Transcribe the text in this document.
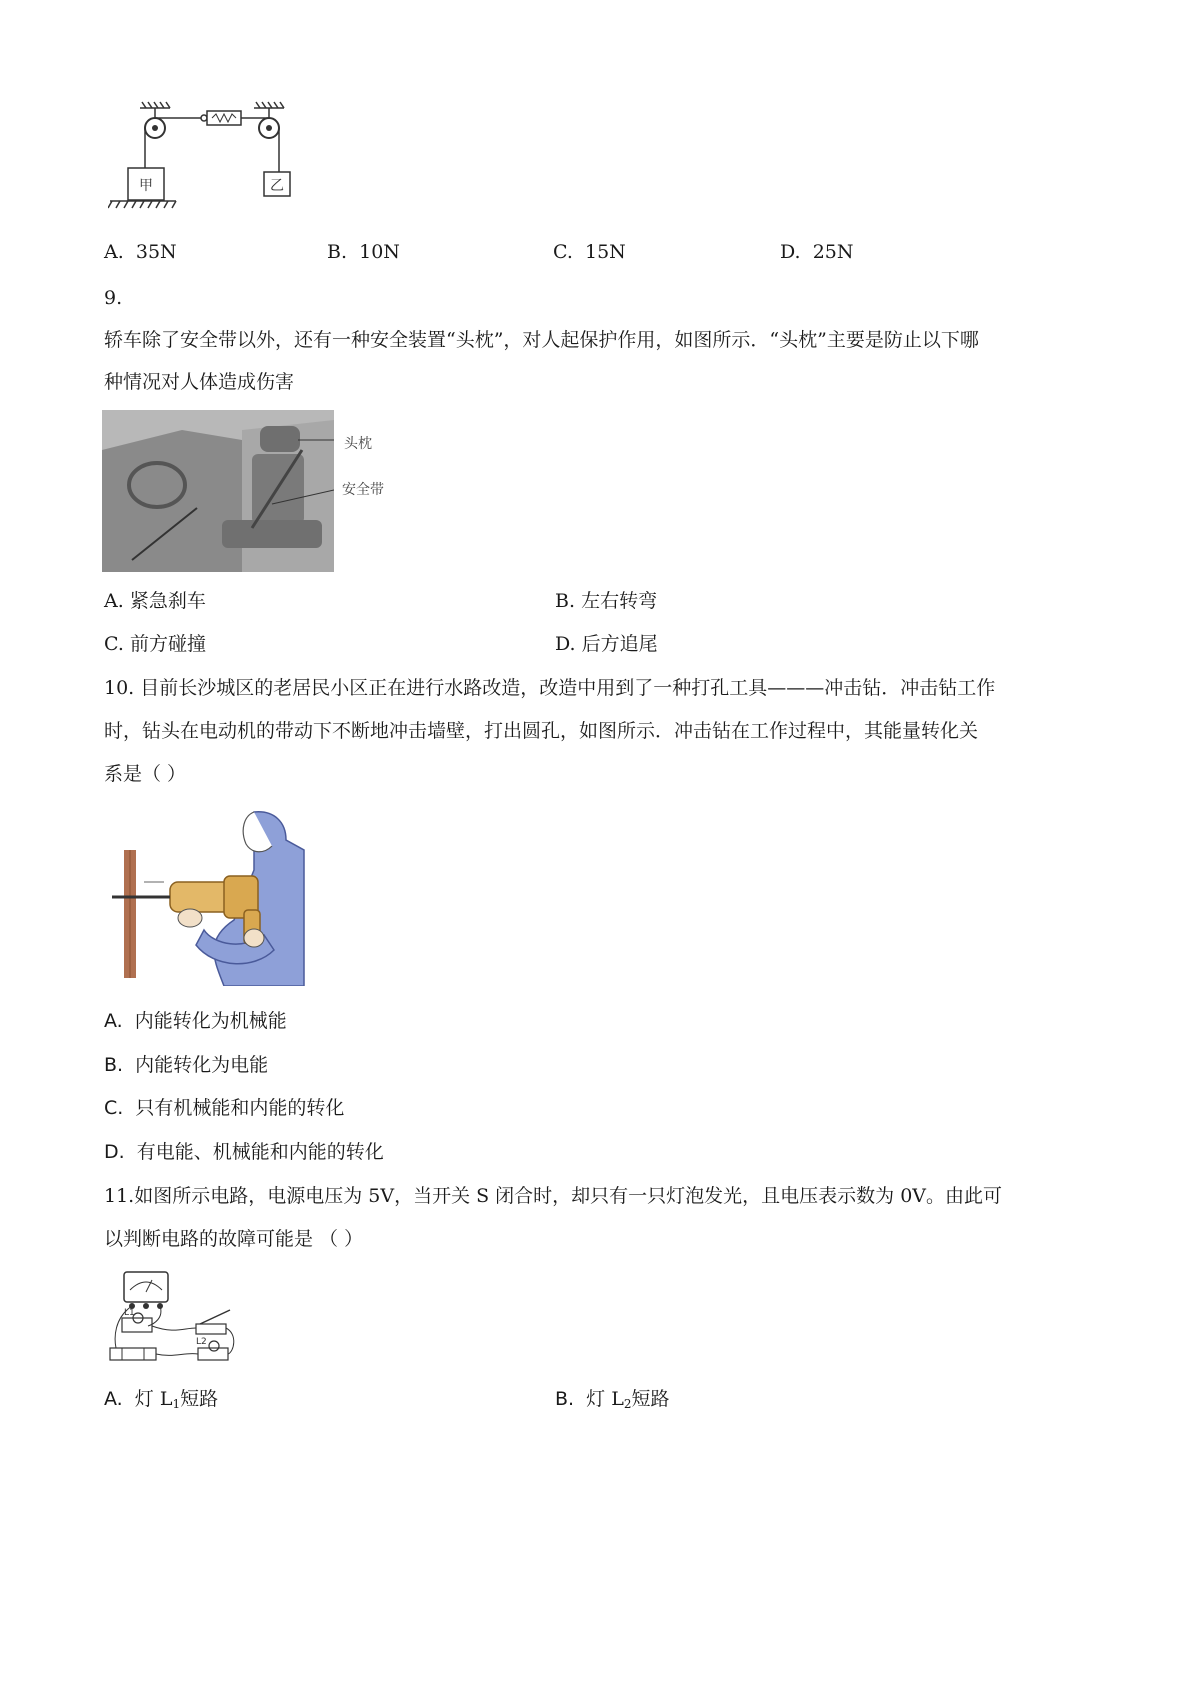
甲	乙
A. 35N	B. 10N	C. 15N	D. 25N
9.
轿车除了安全带以外，还有一种安全装置“头枕”，对人起保护作用，如图所示．“头枕”主要是防止以下哪
种情况对人体造成伤害
头枕
安全带
A. 紧急刹车	B. 左右转弯
C. 前方碰撞	D. 后方追尾
10. 目前长沙城区的老居民小区正在进行水路改造，改造中用到了一种打孔工具———冲击钻．冲击钻工作
时，钻头在电动机的带动下不断地冲击墙壁，打出圆孔，如图所示．冲击钻在工作过程中，其能量转化关
系是（ ）
A. 内能转化为机械能
B. 内能转化为电能
C. 只有机械能和内能的转化
D. 有电能、机械能和内能的转化
11.如图所示电路，电源电压为 5V，当开关 S 闭合时，却只有一只灯泡发光，且电压表示数为 0V。由此可
以判断电路的故障可能是 （ ）
L1
L2
A. 灯 $L_1$短路	B. 灯 $L_2$短路
